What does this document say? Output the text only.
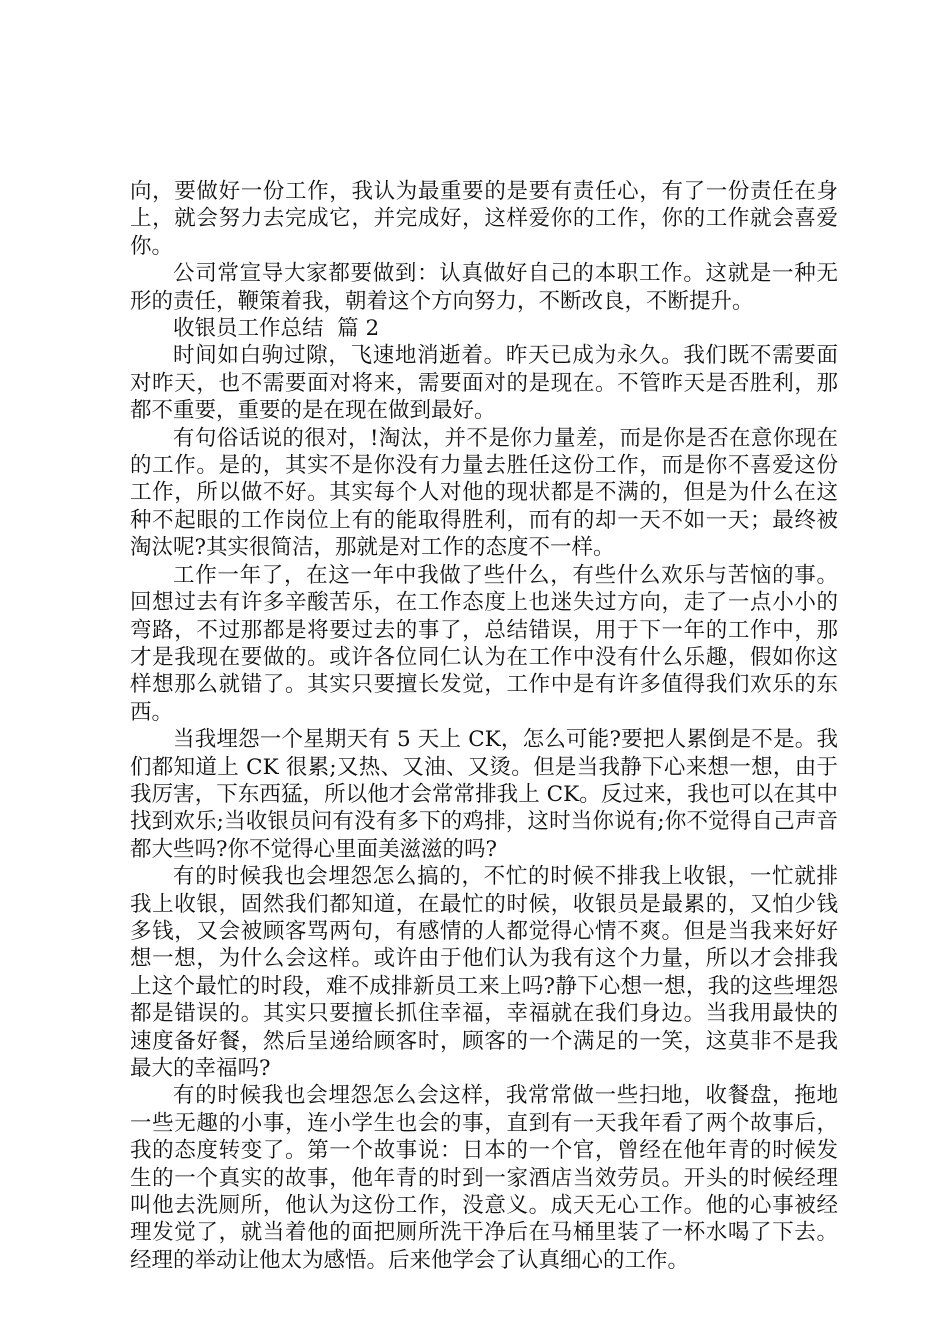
向，要做好一份工作，我认为最重要的是要有责任心，有了一份责任在身上，就会努力去完成它，并完成好，这样爱你的工作，你的工作就会喜爱你。

公司常宣导大家都要做到：认真做好自己的本职工作。这就是一种无形的责任，鞭策着我，朝着这个方向努力，不断改良，不断提升。

收银员工作总结  篇 2

时间如白驹过隙，飞速地消逝着。昨天已成为永久。我们既不需要面对昨天，也不需要面对将来，需要面对的是现在。不管昨天是否胜利，那都不重要，重要的是在现在做到最好。

有句俗话说的很对，!淘汰，并不是你力量差，而是你是否在意你现在的工作。是的，其实不是你没有力量去胜任这份工作，而是你不喜爱这份工作，所以做不好。其实每个人对他的现状都是不满的，但是为什么在这种不起眼的工作岗位上有的能取得胜利，而有的却一天不如一天；最终被淘汰呢?其实很简洁，那就是对工作的态度不一样。

工作一年了，在这一年中我做了些什么，有些什么欢乐与苦恼的事。回想过去有许多辛酸苦乐，在工作态度上也迷失过方向，走了一点小小的弯路，不过那都是将要过去的事了，总结错误，用于下一年的工作中，那才是我现在要做的。或许各位同仁认为在工作中没有什么乐趣，假如你这样想那么就错了。其实只要擅长发觉，工作中是有许多值得我们欢乐的东西。

当我埋怨一个星期天有 5 天上 CK，怎么可能?要把人累倒是不是。我们都知道上 CK 很累;又热、又油、又烫。但是当我静下心来想一想，由于我厉害，下东西猛，所以他才会常常排我上 CK。反过来，我也可以在其中找到欢乐;当收银员问有没有多下的鸡排，这时当你说有;你不觉得自己声音都大些吗?你不觉得心里面美滋滋的吗?

有的时候我也会埋怨怎么搞的，不忙的时候不排我上收银，一忙就排我上收银，固然我们都知道，在最忙的时候，收银员是最累的，又怕少钱多钱，又会被顾客骂两句，有感情的人都觉得心情不爽。但是当我来好好想一想，为什么会这样。或许由于他们认为我有这个力量，所以才会排我上这个最忙的时段，难不成排新员工来上吗?静下心想一想，我的这些埋怨都是错误的。其实只要擅长抓住幸福，幸福就在我们身边。当我用最快的速度备好餐，然后呈递给顾客时，顾客的一个满足的一笑，这莫非不是我最大的幸福吗?

有的时候我也会埋怨怎么会这样，我常常做一些扫地，收餐盘，拖地一些无趣的小事，连小学生也会的事，直到有一天我年看了两个故事后，我的态度转变了。第一个故事说：日本的一个官，曾经在他年青的时候发生的一个真实的故事，他年青的时到一家酒店当效劳员。开头的时候经理叫他去洗厕所，他认为这份工作，没意义。成天无心工作。他的心事被经理发觉了，就当着他的面把厕所洗干净后在马桶里装了一杯水喝了下去。经理的举动让他太为感悟。后来他学会了认真细心的工作。
